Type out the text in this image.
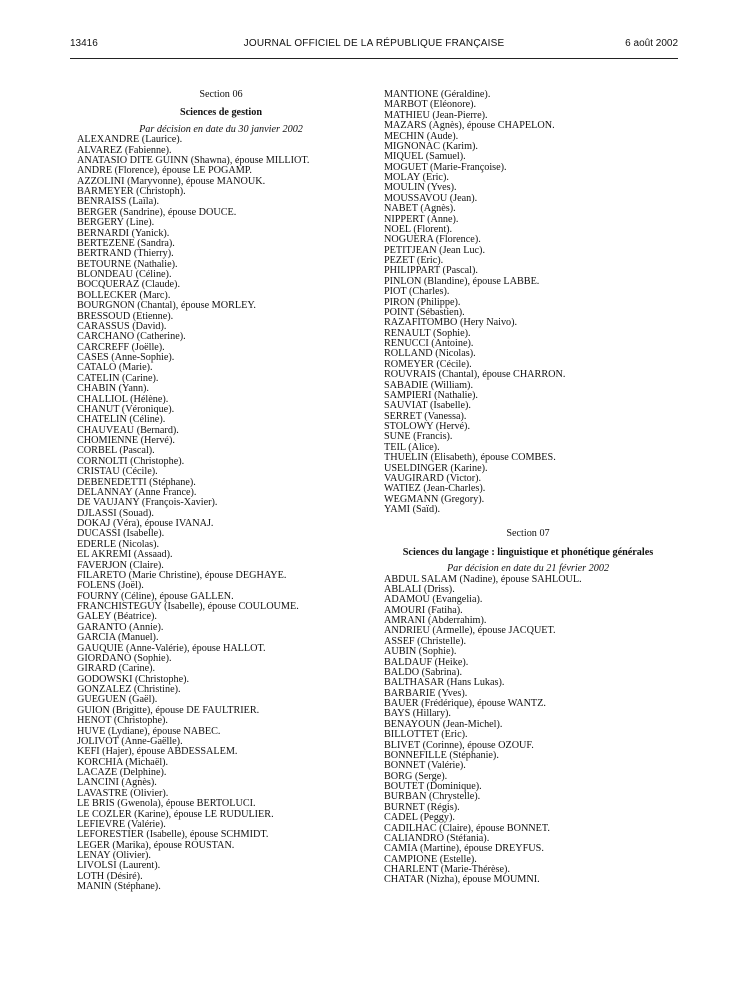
13416	JOURNAL OFFICIEL DE LA RÉPUBLIQUE FRANÇAISE	6 août 2002
Section 06
Sciences de gestion
Par décision en date du 30 janvier 2002
ALEXANDRE (Laurice).
ALVAREZ (Fabienne).
ANATASIO DITE GUINN (Shawna), épouse MILLIOT.
ANDRE (Florence), épouse LE POGAMP.
AZZOLINI (Maryvonne), épouse MANOUK.
BARMEYER (Christoph).
BENRAISS (Laïla).
BERGER (Sandrine), épouse DOUCE.
BERGERY (Line).
BERNARDI (Yanick).
BERTEZENE (Sandra).
BERTRAND (Thierry).
BETOURNE (Nathalie).
BLONDEAU (Céline).
BOCQUERAZ (Claude).
BOLLECKER (Marc).
BOURGNON (Chantal), épouse MORLEY.
BRESSOUD (Etienne).
CARASSUS (David).
CARCHANO (Catherine).
CARCREFF (Joëlle).
CASES (Anne-Sophie).
CATALO (Marie).
CATELIN (Carine).
CHABIN (Yann).
CHALLIOL (Hélène).
CHANUT (Véronique).
CHATELIN (Céline).
CHAUVEAU (Bernard).
CHOMIENNE (Hervé).
CORBEL (Pascal).
CORNOLTI (Christophe).
CRISTAU (Cécile).
DEBENEDETTI (Stéphane).
DELANNAY (Anne France).
DE VAUJANY (François-Xavier).
DJLASSI (Souad).
DOKAJ (Véra), épouse IVANAJ.
DUCASSI (Isabelle).
EDERLE (Nicolas).
EL AKREMI (Assaad).
FAVERJON (Claire).
FILARETO (Marie Christine), épouse DEGHAYE.
FOLENS (Joël).
FOURNY (Céline), épouse GALLEN.
FRANCHISTEGUY (Isabelle), épouse COULOUME.
GALEY (Béatrice).
GARANTO (Annie).
GARCIA (Manuel).
GAUQUIE (Anne-Valérie), épouse HALLOT.
GIORDANO (Sophie).
GIRARD (Carine).
GODOWSKI (Christophe).
GONZALEZ (Christine).
GUEGUEN (Gaël).
GUION (Brigitte), épouse DE FAULTRIER.
HENOT (Christophe).
HUVE (Lydiane), épouse NABEC.
JOLIVOT (Anne-Gaëlle).
KEFI (Hajer), épouse ABDESSALEM.
KORCHIA (Michaël).
LACAZE (Delphine).
LANCINI (Agnès).
LAVASTRE (Olivier).
LE BRIS (Gwenola), épouse BERTOLUCI.
LE COZLER (Karine), épouse LE RUDULIER.
LEFIEVRE (Valérie).
LEFORESTIER (Isabelle), épouse SCHMIDT.
LEGER (Marika), épouse ROUSTAN.
LENAY (Olivier).
LIVOLSI (Laurent).
LOTH (Désiré).
MANIN (Stéphane).
MANTIONE (Géraldine).
MARBOT (Eléonore).
MATHIEU (Jean-Pierre).
MAZARS (Agnès), épouse CHAPELON.
MECHIN (Aude).
MIGNONAC (Karim).
MIQUEL (Samuel).
MOGUET (Marie-Françoise).
MOLAY (Eric).
MOULIN (Yves).
MOUSSAVOU (Jean).
NABET (Agnès).
NIPPERT (Anne).
NOEL (Florent).
NOGUERA (Florence).
PETITJEAN (Jean Luc).
PEZET (Eric).
PHILIPPART (Pascal).
PINLON (Blandine), épouse LABBE.
PIOT (Charles).
PIRON (Philippe).
POINT (Sébastien).
RAZAFITOMBO (Hery Naivo).
RENAULT (Sophie).
RENUCCI (Antoine).
ROLLAND (Nicolas).
ROMEYER (Cécile).
ROUVRAIS (Chantal), épouse CHARRON.
SABADIE (William).
SAMPIERI (Nathalie).
SAUVIAT (Isabelle).
SERRET (Vanessa).
STOLOWY (Hervé).
SUNE (Francis).
TEIL (Alice).
THUELIN (Elisabeth), épouse COMBES.
USELDINGER (Karine).
VAUGIRARD (Victor).
WATIEZ (Jean-Charles).
WEGMANN (Gregory).
YAMI (Saïd).
Section 07
Sciences du langage : linguistique et phonétique générales
Par décision en date du 21 février 2002
ABDUL SALAM (Nadine), épouse SAHLOUL.
ABLALI (Driss).
ADAMOU (Evangelia).
AMOURI (Fatiha).
AMRANI (Abderrahim).
ANDRIEU (Armelle), épouse JACQUET.
ASSEF (Christelle).
AUBIN (Sophie).
BALDAUF (Heike).
BALDO (Sabrina).
BALTHASAR (Hans Lukas).
BARBARIE (Yves).
BAUER (Frédérique), épouse WANTZ.
BAYS (Hillary).
BENAYOUN (Jean-Michel).
BILLOTTET (Eric).
BLIVET (Corinne), épouse OZOUF.
BONNEFILLE (Stéphanie).
BONNET (Valérie).
BORG (Serge).
BOUTET (Dominique).
BURBAN (Chrystelle).
BURNET (Régis).
CADEL (Peggy).
CADILHAC (Claire), épouse BONNET.
CALIANDRO (Stéfania).
CAMIA (Martine), épouse DREYFUS.
CAMPIONE (Estelle).
CHARLENT (Marie-Thérèse).
CHATAR (Nizha), épouse MOUMNI.
